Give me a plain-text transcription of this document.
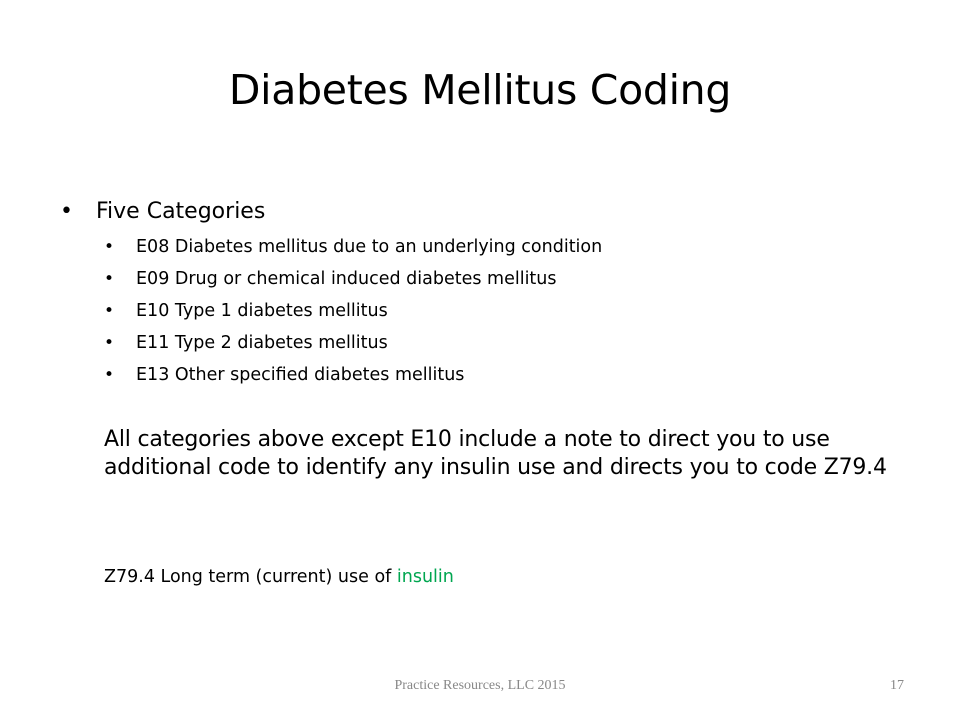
Diabetes Mellitus Coding
• Five Categories
• E08 Diabetes mellitus due to an underlying condition
• E09 Drug or chemical induced diabetes mellitus
• E10 Type 1 diabetes mellitus
• E11 Type 2 diabetes mellitus
• E13 Other specified diabetes mellitus
All categories above except E10 include a note to direct you to use additional code to identify any insulin use and directs you to code Z79.4
Z79.4 Long term (current) use of insulin
Practice Resources, LLC 2015	17
